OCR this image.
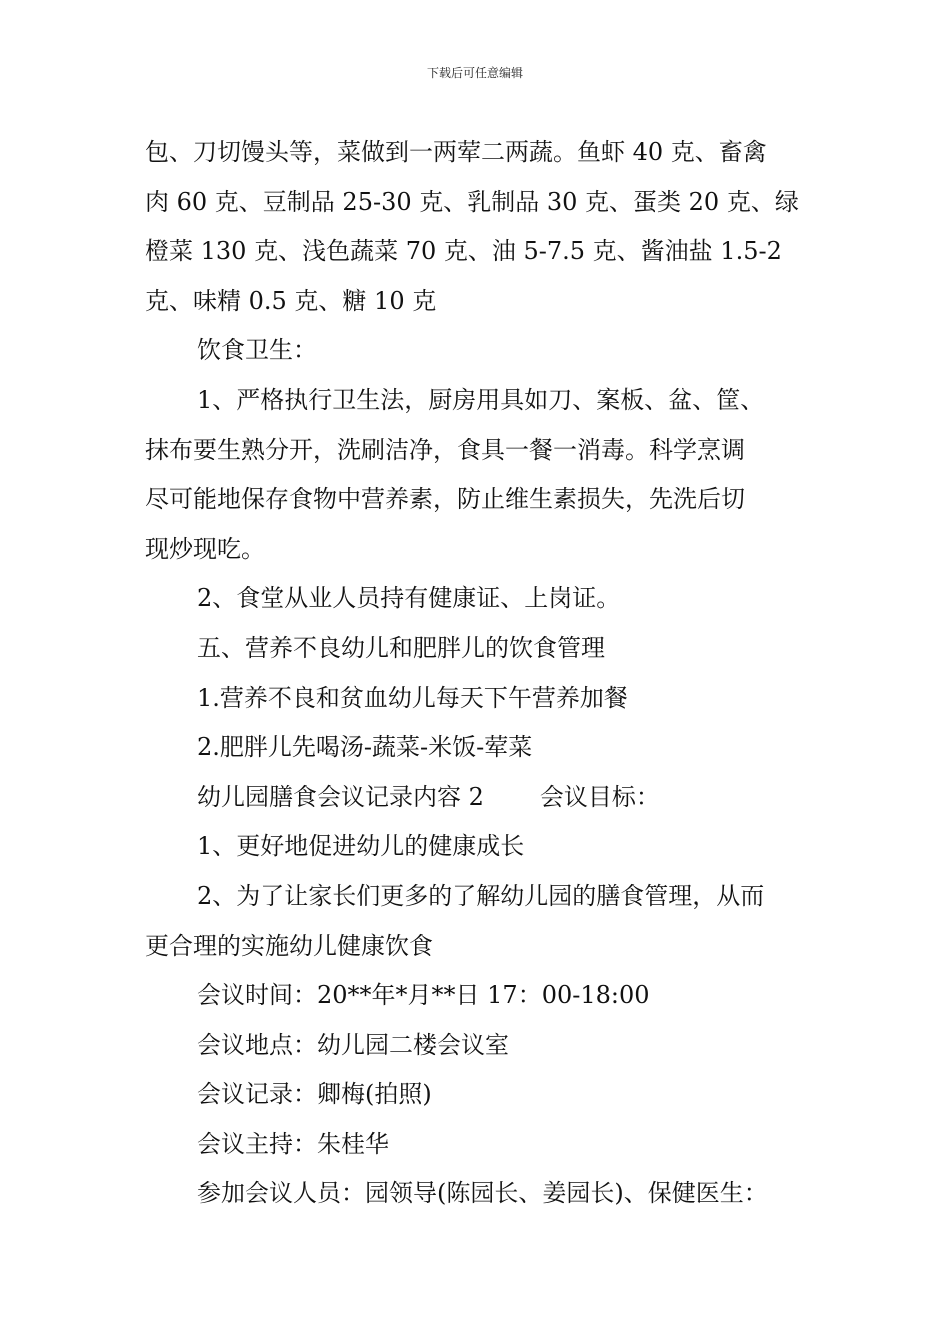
下载后可任意编辑

包、刀切馒头等，菜做到一两荤二两蔬。鱼虾 40 克、畜禽

肉 60 克、豆制品 25-30 克、乳制品 30 克、蛋类 20 克、绿

橙菜 130 克、浅色蔬菜 70 克、油 5-7.5 克、酱油盐 1.5-2

克、味精 0.5 克、糖 10 克

饮食卫生：

1、严格执行卫生法，厨房用具如刀、案板、盆、筐、

抹布要生熟分开，洗刷洁净，食具一餐一消毒。科学烹调

尽可能地保存食物中营养素，防止维生素损失，先洗后切

现炒现吃。

2、食堂从业人员持有健康证、上岗证。

五、营养不良幼儿和肥胖儿的饮食管理

1.营养不良和贫血幼儿每天下午营养加餐

2.肥胖儿先喝汤-蔬菜-米饭-荤菜

幼儿园膳食会议记录内容 2 会议目标：

1、更好地促进幼儿的健康成长

2、为了让家长们更多的了解幼儿园的膳食管理，从而

更合理的实施幼儿健康饮食

会议时间：20**年*月**日 17：00-18:00

会议地点：幼儿园二楼会议室

会议记录：卿梅(拍照)

会议主持：朱桂华

参加会议人员：园领导(陈园长、姜园长)、保健医生：
